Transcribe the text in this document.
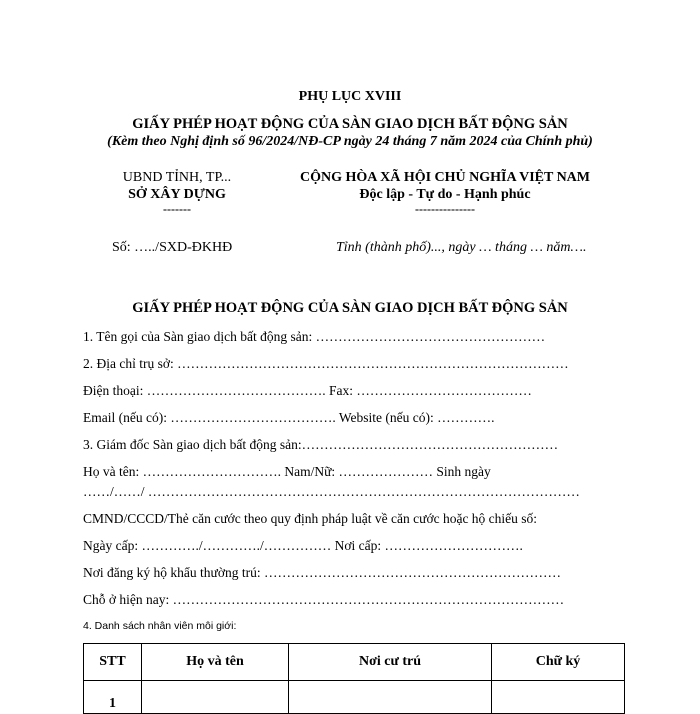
PHỤ LỤC XVIII
GIẤY PHÉP HOẠT ĐỘNG CỦA SÀN GIAO DỊCH BẤT ĐỘNG SẢN
(Kèm theo Nghị định số 96/2024/NĐ-CP ngày 24 tháng 7 năm 2024 của Chính phủ)
UBND TỈNH, TP...
SỞ XÂY DỰNG
-------
Số: …../SXD-ĐKHĐ
CỘNG HÒA XÃ HỘI CHỦ NGHĨA VIỆT NAM
Độc lập - Tự do - Hạnh phúc
---------------
Tỉnh (thành phố)..., ngày … tháng … năm….
GIẤY PHÉP HOẠT ĐỘNG CỦA SÀN GIAO DỊCH BẤT ĐỘNG SẢN
1. Tên gọi của Sàn giao dịch bất động sản: ……………………………………………
2. Địa chỉ trụ sở: ……………………………………………………………………………
Điện thoại: …………………………………. Fax: …………………………………
Email (nếu có): ………………………………. Website (nếu có): ………….
3. Giám đốc Sàn giao dịch bất động sản:…………………………………………………
Họ và tên: …………………………. Nam/Nữ: ………………… Sinh ngày
……/……/ ……………………………………………………………………………………
CMND/CCCD/Thẻ căn cước theo quy định pháp luật về căn cước hoặc hộ chiếu số:
Ngày cấp: …………./…………./…………… Nơi cấp: ………………………….
Nơi đăng ký hộ khẩu thường trú: …………………………………………………………
Chỗ ở hiện nay: ……………………………………………………………………………
4. Danh sách nhân viên môi giới:
STT	Họ và tên	Nơi cư trú	Chữ ký
1			
